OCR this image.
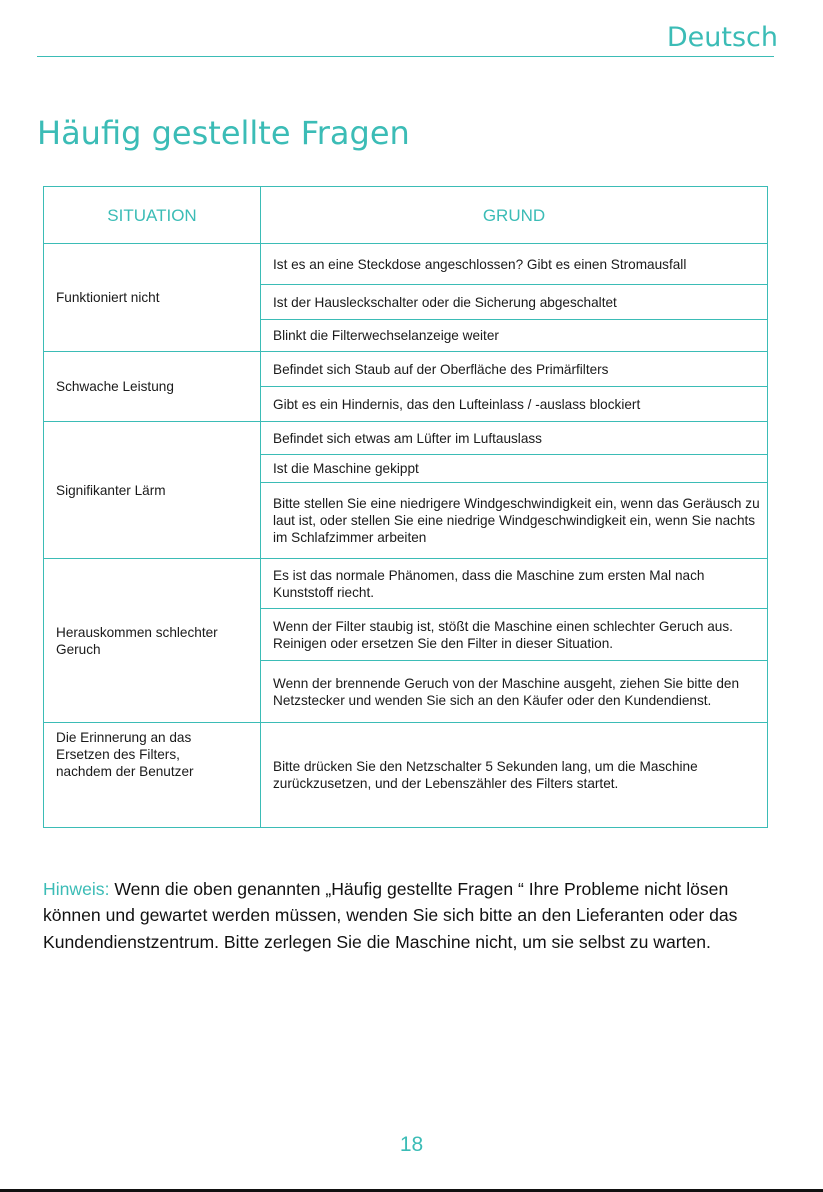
Deutsch
Häufig gestellte Fragen
SITUATION	GRUND
Funktioniert nicht	Ist es an eine Steckdose angeschlossen? Gibt es einen Stromausfall
	Ist der Hausleckschalter oder die Sicherung abgeschaltet
	Blinkt die Filterwechselanzeige weiter
Schwache Leistung	Befindet sich Staub auf der Oberfläche des Primärfilters
	Gibt es ein Hindernis, das den Lufteinlass / -auslass blockiert
Signifikanter Lärm	Befindet sich etwas am Lüfter im Luftauslass
	Ist die Maschine gekippt
	Bitte stellen Sie eine niedrigere Windgeschwindigkeit ein, wenn das Geräusch zu laut ist, oder stellen Sie eine niedrige Windgeschwindigkeit ein, wenn Sie nachts im Schlafzimmer arbeiten
Herauskommen schlechter Geruch	Es ist das normale Phänomen, dass die Maschine zum ersten Mal nach Kunststoff riecht.
	Wenn der Filter staubig ist, stößt die Maschine einen schlechter Geruch aus. Reinigen oder ersetzen Sie den Filter in dieser Situation.
	Wenn der brennende Geruch von der Maschine ausgeht, ziehen Sie bitte den Netzstecker und wenden Sie sich an den Käufer oder den Kundendienst.
Die Erinnerung an das Ersetzen des Filters, nachdem der Benutzer	Bitte drücken Sie den Netzschalter 5 Sekunden lang, um die Maschine zurückzusetzen, und der Lebenszähler des Filters startet.

Hinweis: Wenn die oben genannten „Häufig gestellte Fragen “ Ihre Probleme nicht lösen können und gewartet werden müssen, wenden Sie sich bitte an den Lieferanten oder das Kundendienstzentrum. Bitte zerlegen Sie die Maschine nicht, um sie selbst zu warten.

18
